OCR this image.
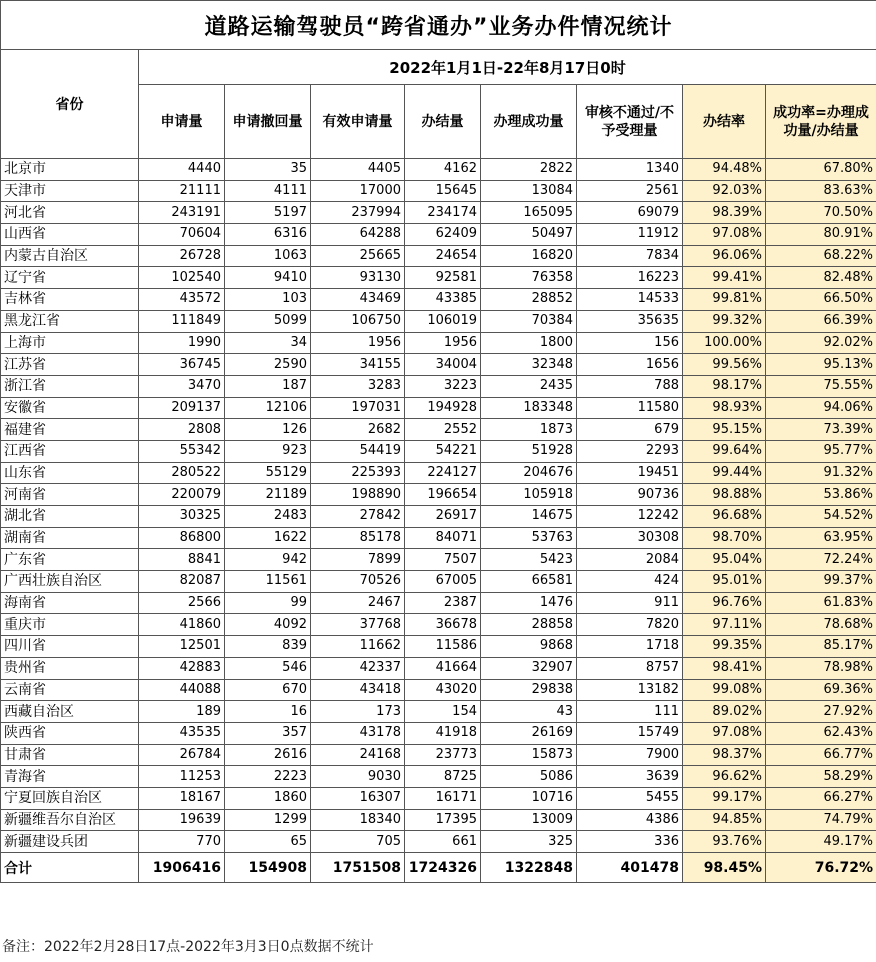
道路运输驾驶员“跨省通办”业务办件情况统计								
省份	2022年1月1日-22年8月17日0时							
	申请量	申请撤回量	有效申请量	办结量	办理成功量	审核不通过/不予受理量	办结率	成功率=办理成功量/办结量
北京市	4440	35	4405	4162	2822	1340	94.48%	67.80%
天津市	21111	4111	17000	15645	13084	2561	92.03%	83.63%
河北省	243191	5197	237994	234174	165095	69079	98.39%	70.50%
山西省	70604	6316	64288	62409	50497	11912	97.08%	80.91%
内蒙古自治区	26728	1063	25665	24654	16820	7834	96.06%	68.22%
辽宁省	102540	9410	93130	92581	76358	16223	99.41%	82.48%
吉林省	43572	103	43469	43385	28852	14533	99.81%	66.50%
黑龙江省	111849	5099	106750	106019	70384	35635	99.32%	66.39%
上海市	1990	34	1956	1956	1800	156	100.00%	92.02%
江苏省	36745	2590	34155	34004	32348	1656	99.56%	95.13%
浙江省	3470	187	3283	3223	2435	788	98.17%	75.55%
安徽省	209137	12106	197031	194928	183348	11580	98.93%	94.06%
福建省	2808	126	2682	2552	1873	679	95.15%	73.39%
江西省	55342	923	54419	54221	51928	2293	99.64%	95.77%
山东省	280522	55129	225393	224127	204676	19451	99.44%	91.32%
河南省	220079	21189	198890	196654	105918	90736	98.88%	53.86%
湖北省	30325	2483	27842	26917	14675	12242	96.68%	54.52%
湖南省	86800	1622	85178	84071	53763	30308	98.70%	63.95%
广东省	8841	942	7899	7507	5423	2084	95.04%	72.24%
广西壮族自治区	82087	11561	70526	67005	66581	424	95.01%	99.37%
海南省	2566	99	2467	2387	1476	911	96.76%	61.83%
重庆市	41860	4092	37768	36678	28858	7820	97.11%	78.68%
四川省	12501	839	11662	11586	9868	1718	99.35%	85.17%
贵州省	42883	546	42337	41664	32907	8757	98.41%	78.98%
云南省	44088	670	43418	43020	29838	13182	99.08%	69.36%
西藏自治区	189	16	173	154	43	111	89.02%	27.92%
陕西省	43535	357	43178	41918	26169	15749	97.08%	62.43%
甘肃省	26784	2616	24168	23773	15873	7900	98.37%	66.77%
青海省	11253	2223	9030	8725	5086	3639	96.62%	58.29%
宁夏回族自治区	18167	1860	16307	16171	10716	5455	99.17%	66.27%
新疆维吾尔自治区	19639	1299	18340	17395	13009	4386	94.85%	74.79%
新疆建设兵团	770	65	705	661	325	336	93.76%	49.17%
合计	1906416	154908	1751508	1724326	1322848	401478	98.45%	76.72%
备注：2022年2月28日17点-2022年3月3日0点数据不统计
